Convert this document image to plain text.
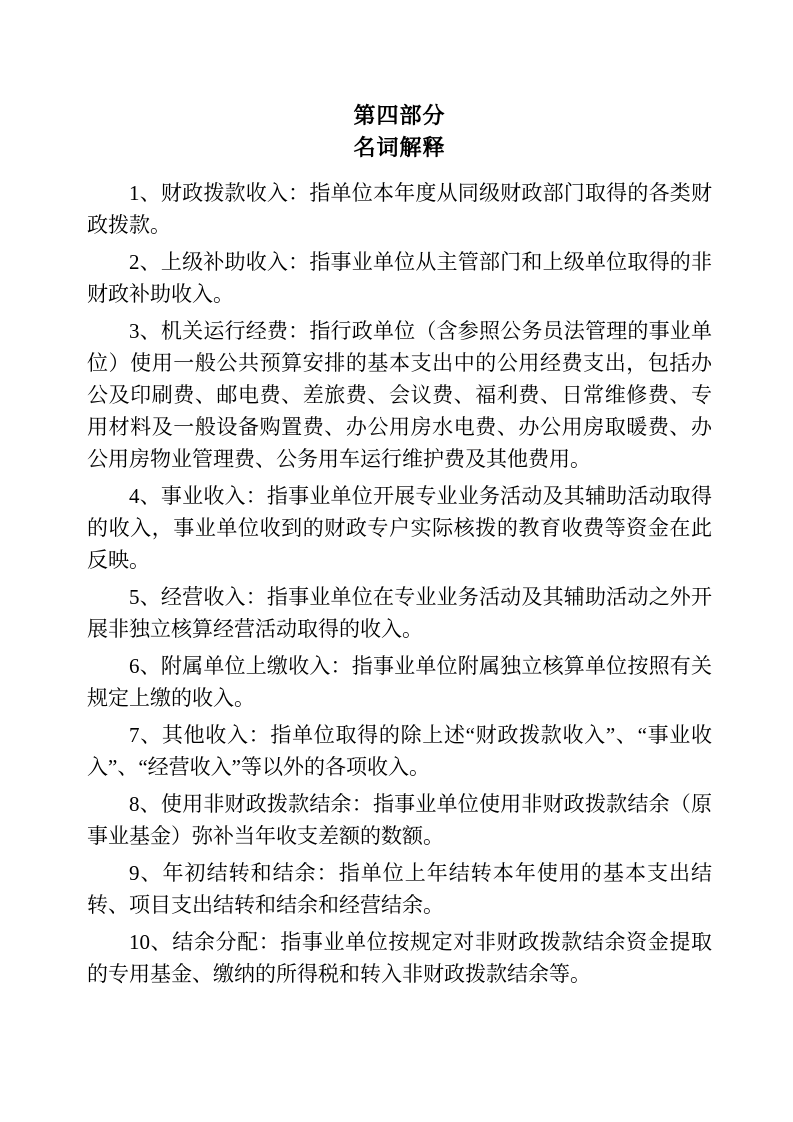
第四部分
名词解释

1、财政拨款收入：指单位本年度从同级财政部门取得的各类财政拨款。

2、上级补助收入：指事业单位从主管部门和上级单位取得的非财政补助收入。

3、机关运行经费：指行政单位（含参照公务员法管理的事业单位）使用一般公共预算安排的基本支出中的公用经费支出，包括办公及印刷费、邮电费、差旅费、会议费、福利费、日常维修费、专用材料及一般设备购置费、办公用房水电费、办公用房取暖费、办公用房物业管理费、公务用车运行维护费及其他费用。

4、事业收入：指事业单位开展专业业务活动及其辅助活动取得的收入，事业单位收到的财政专户实际核拨的教育收费等资金在此反映。

5、经营收入：指事业单位在专业业务活动及其辅助活动之外开展非独立核算经营活动取得的收入。

6、附属单位上缴收入：指事业单位附属独立核算单位按照有关规定上缴的收入。

7、其他收入：指单位取得的除上述“财政拨款收入”、“事业收入”、“经营收入”等以外的各项收入。

8、使用非财政拨款结余：指事业单位使用非财政拨款结余（原事业基金）弥补当年收支差额的数额。

9、年初结转和结余：指单位上年结转本年使用的基本支出结转、项目支出结转和结余和经营结余。

10、结余分配：指事业单位按规定对非财政拨款结余资金提取的专用基金、缴纳的所得税和转入非财政拨款结余等。
